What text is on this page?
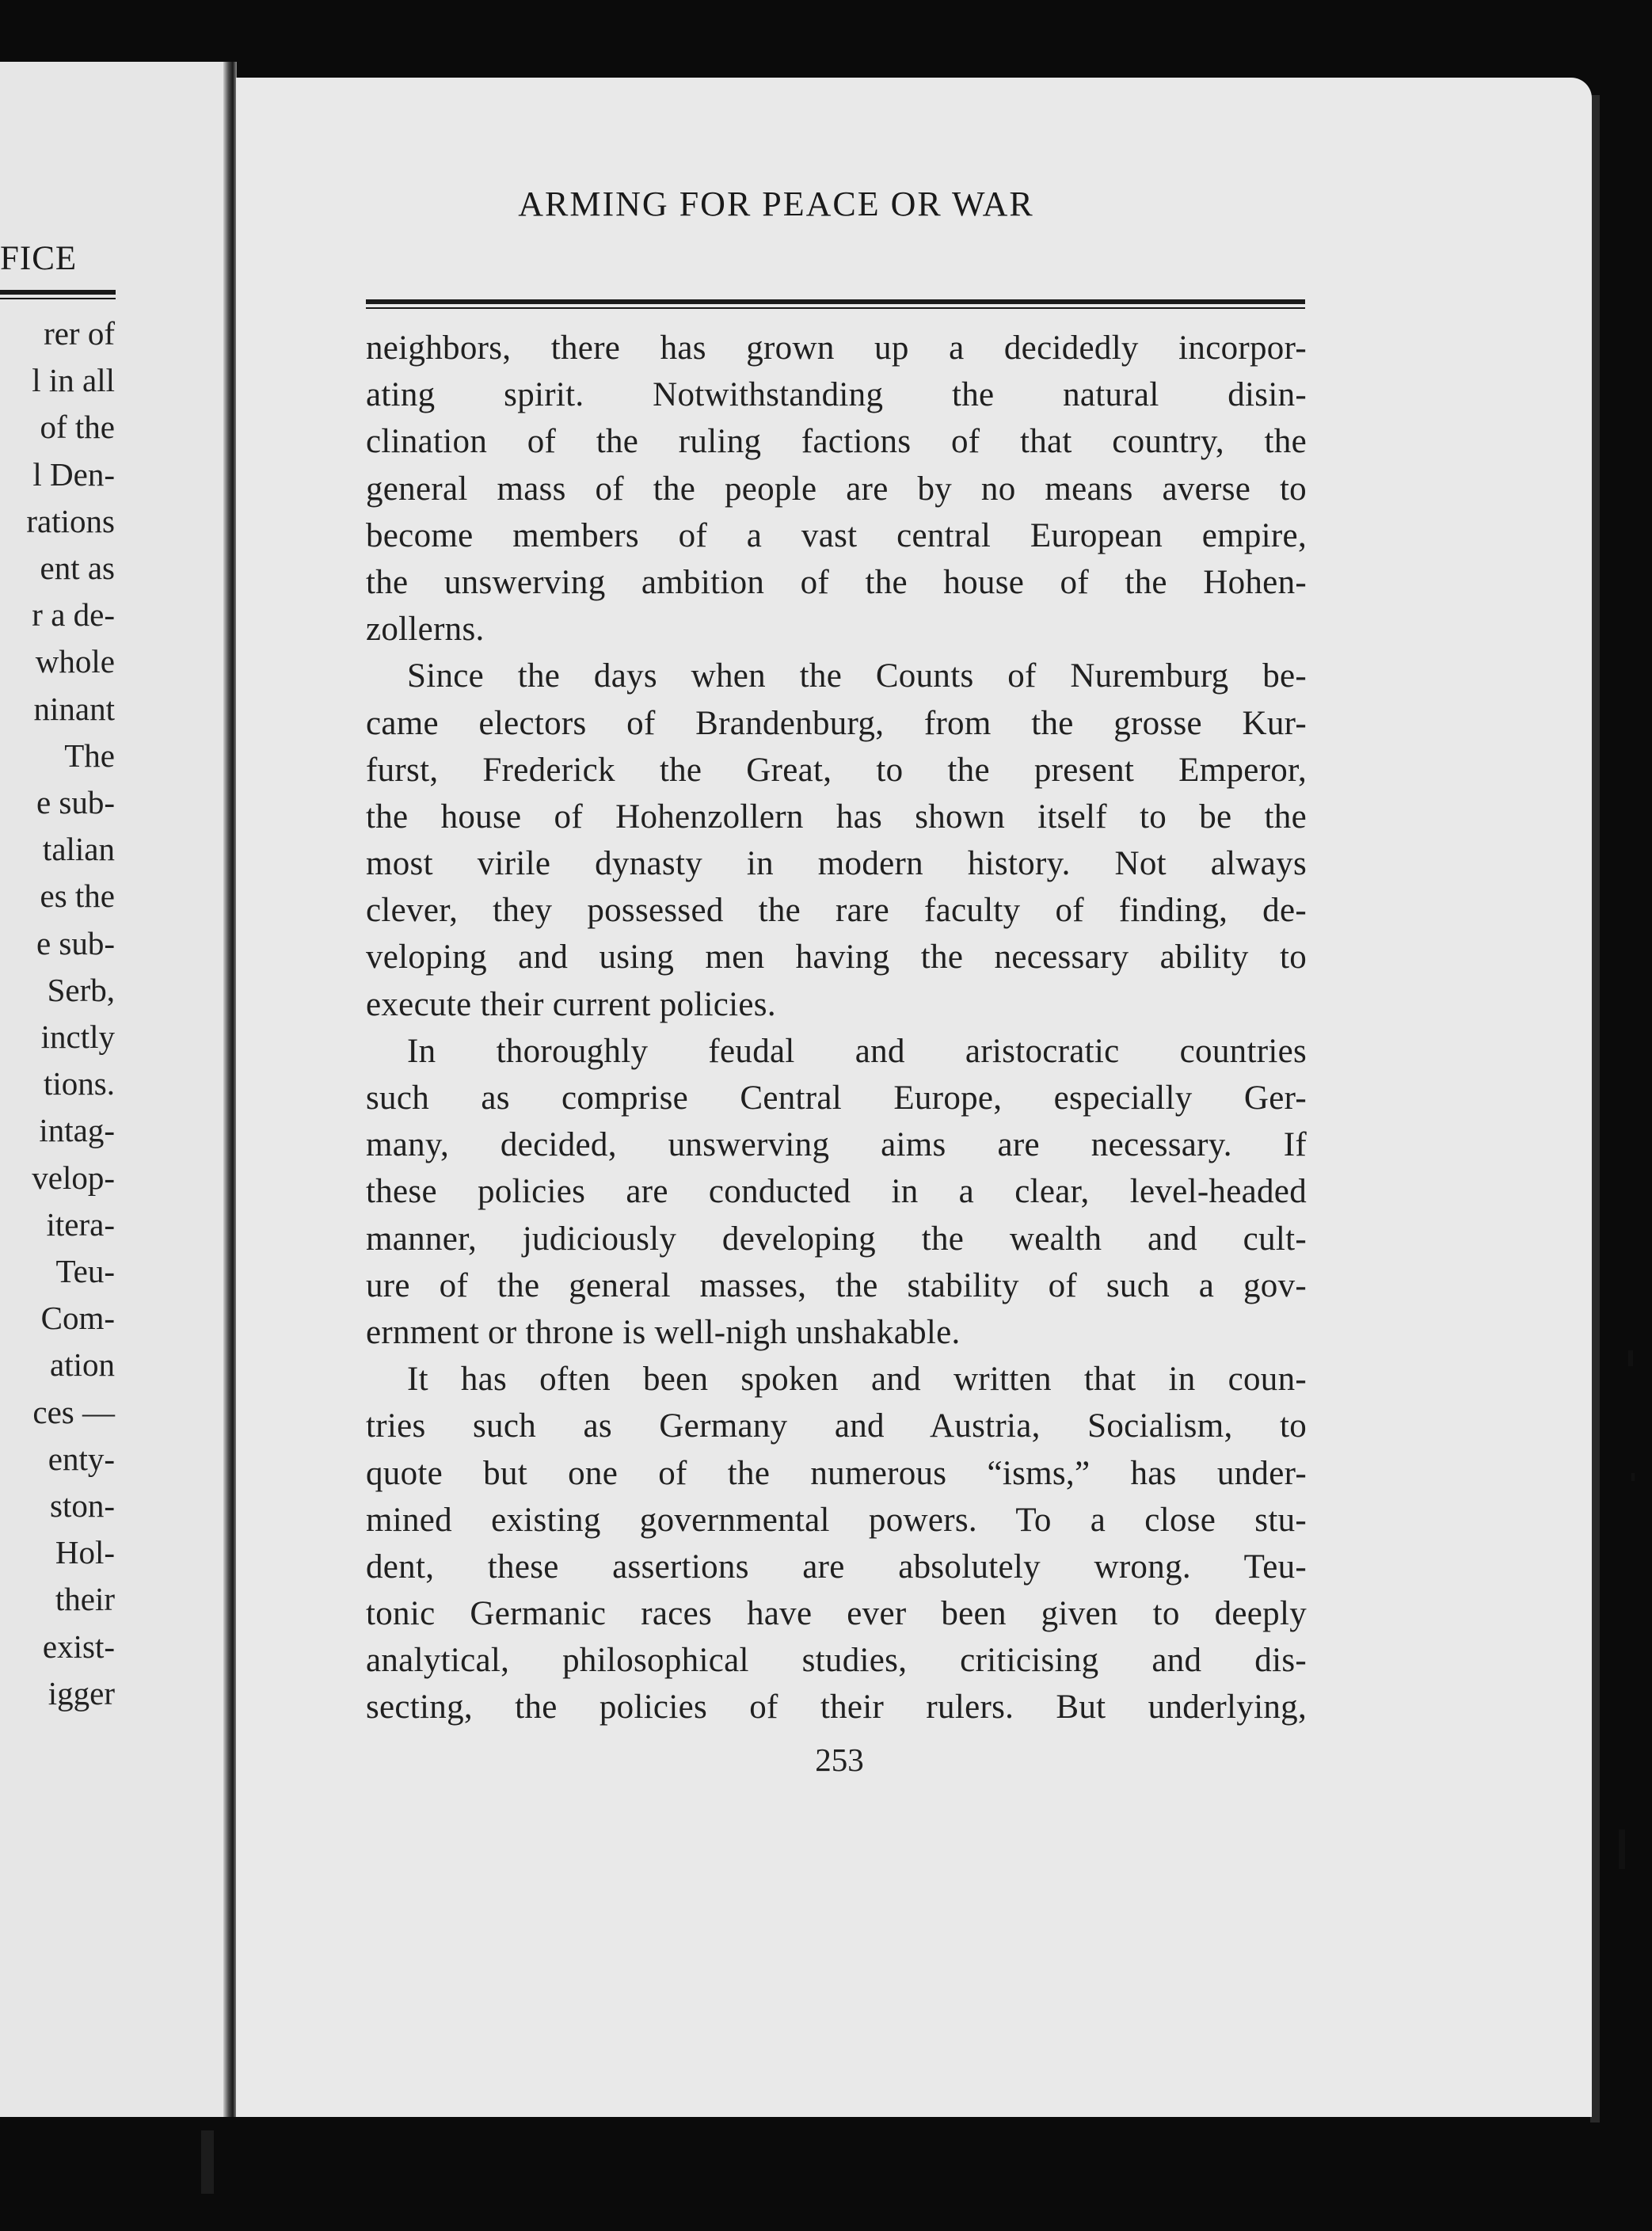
FICE
rer of
l in all
of the
l Den-
rations
ent as
r a de-
whole
ninant
The
e sub-
talian
es the
e sub-
Serb,
inctly
tions.
intag-
velop-
itera-
Teu-
Com-
ation
ces —
enty-
ston-
Hol-
their
exist-
igger
ARMING FOR PEACE OR WAR
neighbors, there has grown up a decidedly incorpor-
ating spirit. Notwithstanding the natural disin-
clination of the ruling factions of that country, the
general mass of the people are by no means averse to
become members of a vast central European empire,
the unswerving ambition of the house of the Hohen-
zollerns.
Since the days when the Counts of Nuremburg be-
came electors of Brandenburg, from the grosse Kur-
furst, Frederick the Great, to the present Emperor,
the house of Hohenzollern has shown itself to be the
most virile dynasty in modern history. Not always
clever, they possessed the rare faculty of finding, de-
veloping and using men having the necessary ability to
execute their current policies.
In thoroughly feudal and aristocratic countries
such as comprise Central Europe, especially Ger-
many, decided, unswerving aims are necessary. If
these policies are conducted in a clear, level-headed
manner, judiciously developing the wealth and cult-
ure of the general masses, the stability of such a gov-
ernment or throne is well-nigh unshakable.
It has often been spoken and written that in coun-
tries such as Germany and Austria, Socialism, to
quote but one of the numerous “isms,” has under-
mined existing governmental powers. To a close stu-
dent, these assertions are absolutely wrong. Teu-
tonic Germanic races have ever been given to deeply
analytical, philosophical studies, criticising and dis-
secting, the policies of their rulers. But underlying,
253
